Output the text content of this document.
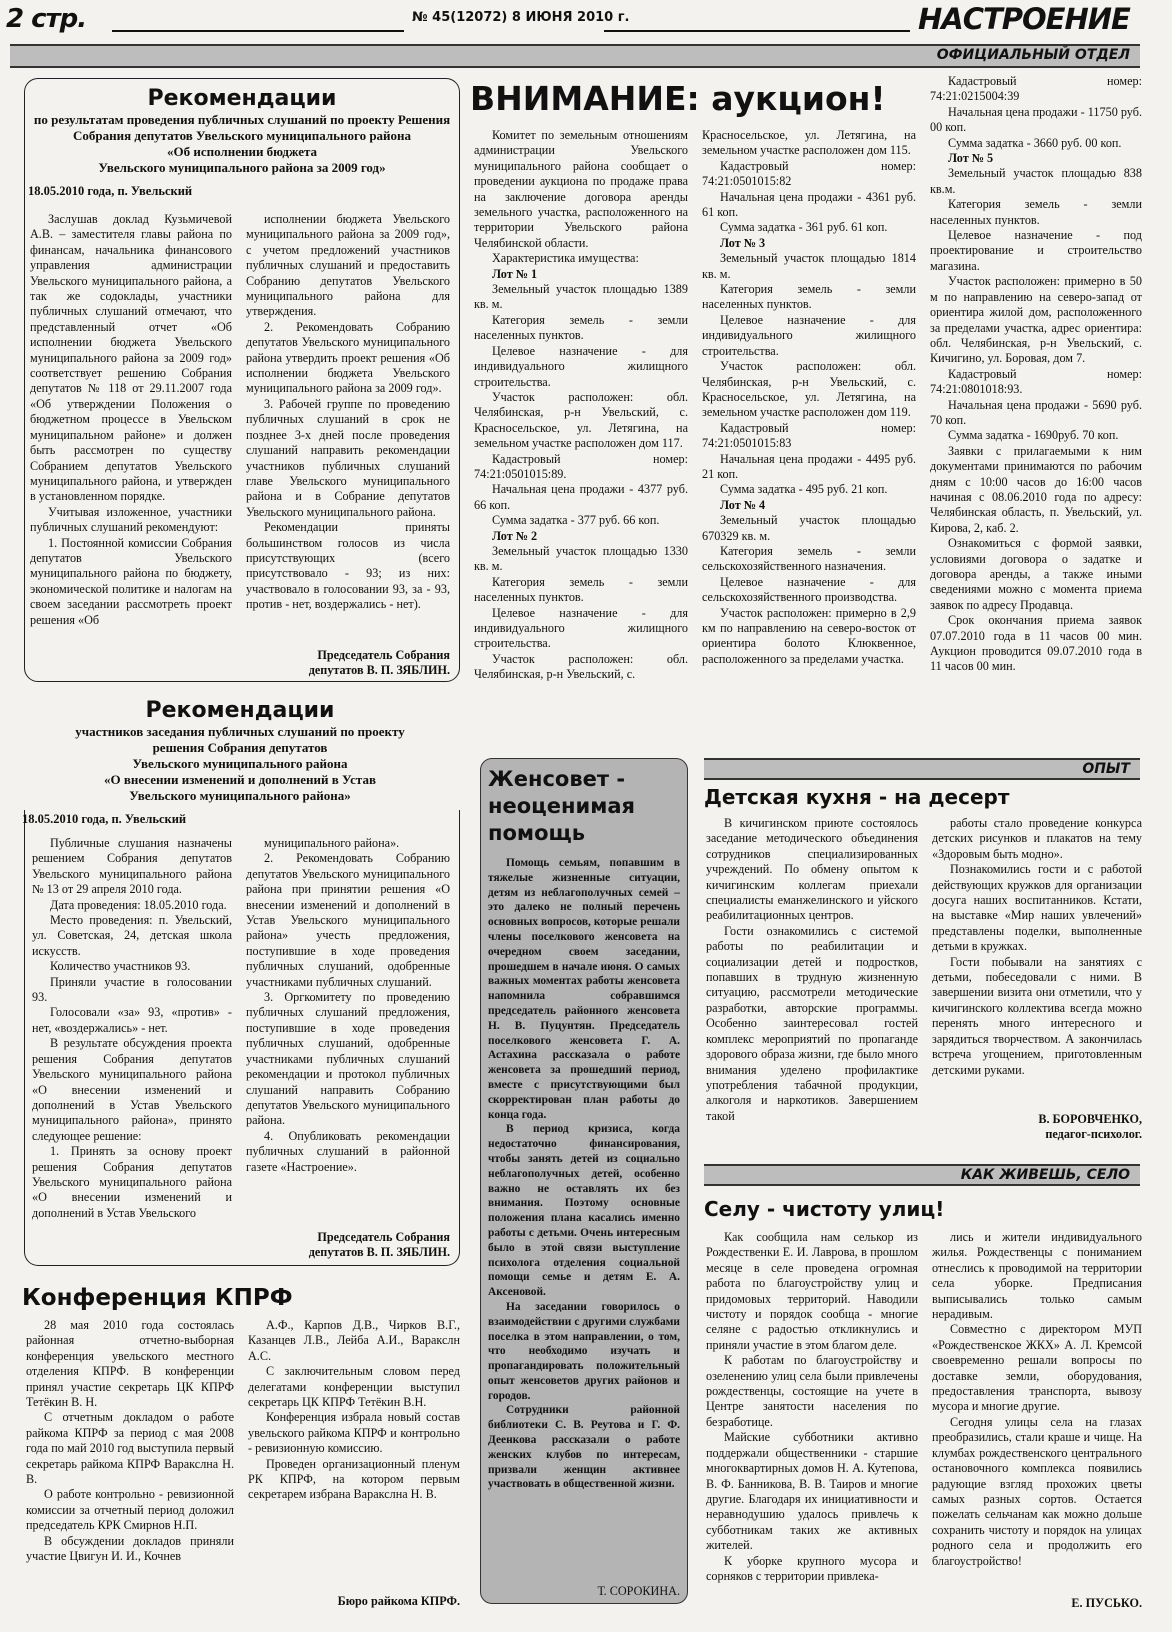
2 стр.	№ 45(12072) 8 ИЮНЯ 2010 г.	НАСТРОЕНИЕ
ОФИЦИАЛЬНЫЙ ОТДЕЛ
Рекомендации
по результатам проведения публичных слушаний по проекту Решения
Собрания депутатов Увельского муниципального района
«Об исполнении бюджета
Увельского муниципального района за 2009 год»
18.05.2010 года, п. Увельский

Заслушав доклад Кузьмичевой А.В. – заместителя главы района по финансам, начальника финансового управления администрации Увельского муниципального района, а так же содоклады, участники публичных слушаний отмечают, что представленный отчет «Об исполнении бюджета Увельского муниципального района за 2009 год» соответствует решению Собрания депутатов № 118 от 29.11.2007 года «Об утверждении Положения о бюджетном процессе в Увельском муниципальном районе» и должен быть рассмотрен по существу Собранием депутатов Увельского муниципального района, и утвержден в установленном порядке.

Учитывая изложенное, участники публичных слушаний рекомендуют:

1. Постоянной комиссии Собрания депутатов Увельского муниципального района по бюджету, экономической политике и налогам на своем заседании рассмотреть проект решения «Об

исполнении бюджета Увельского муниципального района за 2009 год», с учетом предложений участников публичных слушаний и предоставить Собранию депутатов Увельского муниципального района для утверждения.

2. Рекомендовать Собранию депутатов Увельского муниципального района утвердить проект решения «Об исполнении бюджета Увельского муниципального района за 2009 год».

3. Рабочей группе по проведению публичных слушаний в срок не позднее 3-х дней после проведения слушаний направить рекомендации участников публичных слушаний главе Увельского муниципального района и в Собрание депутатов Увельского муниципального района.

Рекомендации приняты большинством голосов из числа присутствующих (всего присутствовало - 93; из них: участвовало в голосовании 93, за - 93, против - нет, воздержались - нет).

Председатель Собрания
депутатов В. П. ЗЯБЛИН.
Рекомендации
участников заседания публичных слушаний по проекту
решения Собрания депутатов
Увельского муниципального района
«О внесении изменений и дополнений в Устав
Увельского муниципального района»
18.05.2010 года, п. Увельский

Публичные слушания назначены решением Собрания депутатов Увельского муниципального района № 13 от 29 апреля 2010 года.

Дата проведения: 18.05.2010 года.

Место проведения: п. Увельский, ул. Советская, 24, детская школа искусств.

Количество участников 93.

Приняли участие в голосовании 93.

Голосовали «за» 93, «против» - нет, «воздержались» - нет.

В результате обсуждения проекта решения Собрания депутатов Увельского муниципального района «О внесении изменений и дополнений в Устав Увельского муниципального района», принято следующее решение:

1. Принять за основу проект решения Собрания депутатов Увельского муниципального района «О внесении изменений и дополнений в Устав Увельского

муниципального района».

2. Рекомендовать Собранию депутатов Увельского муниципального района при принятии решения «О внесении изменений и дополнений в Устав Увельского муниципального района» учесть предложения, поступившие в ходе проведения публичных слушаний, одобренные участниками публичных слушаний.

3. Оргкомитету по проведению публичных слушаний предложения, поступившие в ходе проведения публичных слушаний, одобренные участниками публичных слушаний рекомендации и протокол публичных слушаний направить Собранию депутатов Увельского муниципального района.

4. Опубликовать рекомендации публичных слушаний в районной газете «Настроение».

Председатель Собрания
депутатов В. П. ЗЯБЛИН.
Конференция КПРФ

28 мая 2010 года состоялась районная отчетно-выборная конференция увельского местного отделения КПРФ. В конференции принял участие секретарь ЦК КПРФ Тетёкин В. Н.

С отчетным докладом о работе райкома КПРФ за период с мая 2008 года по май 2010 год выступила первый секретарь райкома КПРФ Варакслна Н. В.

О работе контрольно - ревизионной комиссии за отчетный период доложил председатель КРК Смирнов Н.П.

В обсуждении докладов приняли участие Цвигун И. И., Кочнев

А.Ф., Карпов Д.В., Чирков В.Г., Казанцев Л.В., Лейба А.И., Варакслн А.С.

С заключительным словом перед делегатами конференции выступил секретарь ЦК КПРФ Тетёкин В.Н.

Конференция избрала новый состав увельского райкома КПРФ и контрольно - ревизионную комиссию.

Проведен организационный пленум РК КПРФ, на котором первым секретарем избрана Варакслна Н. В.

Бюро райкома КПРФ.
ВНИМАНИЕ: аукцион!

Комитет по земельным отношениям администрации Увельского муниципального района сообщает о проведении аукциона по продаже права на заключение договора аренды земельного участка, расположенного на территории Увельского района Челябинской области.

Характеристика имущества:

Лот № 1

Земельный участок площадью 1389 кв. м.

Категория земель - земли населенных пунктов.

Целевое назначение - для индивидуального жилищного строительства.

Участок расположен: обл. Челябинская, р-н Увельский, с. Красносельское, ул. Летягина, на земельном участке расположен дом 117.

Кадастровый номер: 74:21:0501015:89.

Начальная цена продажи - 4377 руб. 66 коп.

Сумма задатка - 377 руб. 66 коп.

Лот № 2

Земельный участок площадью 1330 кв. м.

Категория земель - земли населенных пунктов.

Целевое назначение - для индивидуального жилищного строительства.

Участок расположен: обл. Челябинская, р-н Увельский, с.

Красносельское, ул. Летягина, на земельном участке расположен дом 115.

Кадастровый номер: 74:21:0501015:82

Начальная цена продажи - 4361 руб. 61 коп.

Сумма задатка - 361 руб. 61 коп.

Лот № 3

Земельный участок площадью 1814 кв. м.

Категория земель - земли населенных пунктов.

Целевое назначение - для индивидуального жилищного строительства.

Участок расположен: обл. Челябинская, р-н Увельский, с. Красносельское, ул. Летягина, на земельном участке расположен дом 119.

Кадастровый номер: 74:21:0501015:83

Начальная цена продажи - 4495 руб. 21 коп.

Сумма задатка - 495 руб. 21 коп.

Лот № 4

Земельный участок площадью 670329 кв. м.

Категория земель - земли сельскохозяйственного назначения.

Целевое назначение - для сельскохозяйственного производства.

Участок расположен: примерно в 2,9 км по направлению на северо-восток от ориентира болото Клюквенное, расположенного за пределами участка.

Кадастровый номер: 74:21:0215004:39

Начальная цена продажи - 11750 руб. 00 коп.

Сумма задатка - 3660 руб. 00 коп.

Лот № 5

Земельный участок площадью 838 кв.м.

Категория земель - земли населенных пунктов.

Целевое назначение - под проектирование и строительство магазина.

Участок расположен: примерно в 50 м по направлению на северо-запад от ориентира жилой дом, расположенного за пределами участка, адрес ориентира: обл. Челябинская, р-н Увельский, с. Кичигино, ул. Боровая, дом 7.

Кадастровый номер: 74:21:0801018:93.

Начальная цена продажи - 5690 руб. 70 коп.

Сумма задатка - 1690руб. 70 коп.

Заявки с прилагаемыми к ним документами принимаются по рабочим дням с 10:00 часов до 16:00 часов начиная с 08.06.2010 года по адресу: Челябинская область, п. Увельский, ул. Кирова, 2, каб. 2.

Ознакомиться с формой заявки, условиями договора о задатке и договора аренды, а также иными сведениями можно с момента приема заявок по адресу Продавца.

Срок окончания приема заявок 07.07.2010 года в 11 часов 00 мин. Аукцион проводится 09.07.2010 года в 11 часов 00 мин.

Женсовет - неоценимая помощь

Помощь семьям, попавшим в тяжелые жизненные ситуации, детям из неблагополучных семей – это далеко не полный перечень основных вопросов, которые решали члены поселкового женсовета на очередном своем заседании, прошедшем в начале июня. О самых важных моментах работы женсовета напомнила собравшимся председатель районного женсовета Н. В. Пуцунтян. Председатель поселкового женсовета Г. А. Астахина рассказала о работе женсовета за прошедший период, вместе с присутствующими был скорректирован план работы до конца года.

В период кризиса, когда недостаточно финансирования, чтобы занять детей из социально неблагополучных детей, особенно важно не оставлять их без внимания. Поэтому основные положения плана касались именно работы с детьми. Очень интересным было в этой связи выступление психолога отделения социальной помощи семье и детям Е. А. Аксеновой.

На заседании говорилось о взаимодействии с другими службами поселка в этом направлении, о том, что необходимо изучать и пропагандировать положительный опыт женсоветов других районов и городов.

Сотрудники районной библиотеки С. В. Реутова и Г. Ф. Деенкова рассказали о работе женских клубов по интересам, призвали женщин активнее участвовать в общественной жизни.

Т. СОРОКИНА.
ОПЫТ
Детская кухня - на десерт

В кичигинском приюте состоялось заседание методического объединения сотрудников специализированных учреждений. По обмену опытом к кичигинским коллегам приехали специалисты еманжелинского и уйского реабилитационных центров.

Гости ознакомились с системой работы по реабилитации и социализации детей и подростков, попавших в трудную жизненную ситуацию, рассмотрели методические разработки, авторские программы. Особенно заинтересовал гостей комплекс мероприятий по пропаганде здорового образа жизни, где было много внимания уделено профилактике употребления табачной продукции, алкоголя и наркотиков. Завершением такой

работы стало проведение конкурса детских рисунков и плакатов на тему «Здоровым быть модно».

Познакомились гости и с работой действующих кружков для организации досуга наших воспитанников. Кстати, на выставке «Мир наших увлечений» представлены поделки, выполненные детьми в кружках.

Гости побывали на занятиях с детьми, побеседовали с ними. В завершении визита они отметили, что у кичигинского коллектива всегда можно перенять много интересного и зарядиться творчеством. А закончилась встреча угощением, приготовленным детскими руками.

В. БОРОВЧЕНКО,
педагог-психолог.
КАК ЖИВЕШЬ, СЕЛО
Селу - чистоту улиц!

Как сообщила нам селькор из Рождественки Е. И. Лаврова, в прошлом месяце в селе проведена огромная работа по благоустройству улиц и придомовых территорий. Наводили чистоту и порядок сообща - многие селяне с радостью откликнулись и приняли участие в этом благом деле.

К работам по благоустройству и озеленению улиц села были привлечены рождественцы, состоящие на учете в Центре занятости населения по безработице.

Майские субботники активно поддержали общественники - старшие многоквартирных домов Н. А. Кутепова, В. Ф. Банникова, В. В. Таиров и многие другие. Благодаря их инициативности и неравнодушию удалось привлечь к субботникам таких же активных жителей.

К уборке крупного мусора и сорняков с территории привлека-

лись и жители индивидуального жилья. Рождественцы с пониманием отнеслись к проводимой на территории села уборке. Предписания выписывались только самым нерадивым.

Совместно с директором МУП «Рождественское ЖКХ» А. Л. Кремсой своевременно решали вопросы по доставке земли, оборудования, предоставления транспорта, вывозу мусора и многие другие.

Сегодня улицы села на глазах преобразились, стали краше и чище. На клумбах рождественского центрального остановочного комплекса появились радующие взгляд прохожих цветы самых разных сортов. Остается пожелать сельчанам как можно дольше сохранить чистоту и порядок на улицах родного села и продолжить его благоустройство!

Е. ПУСЬКО.
